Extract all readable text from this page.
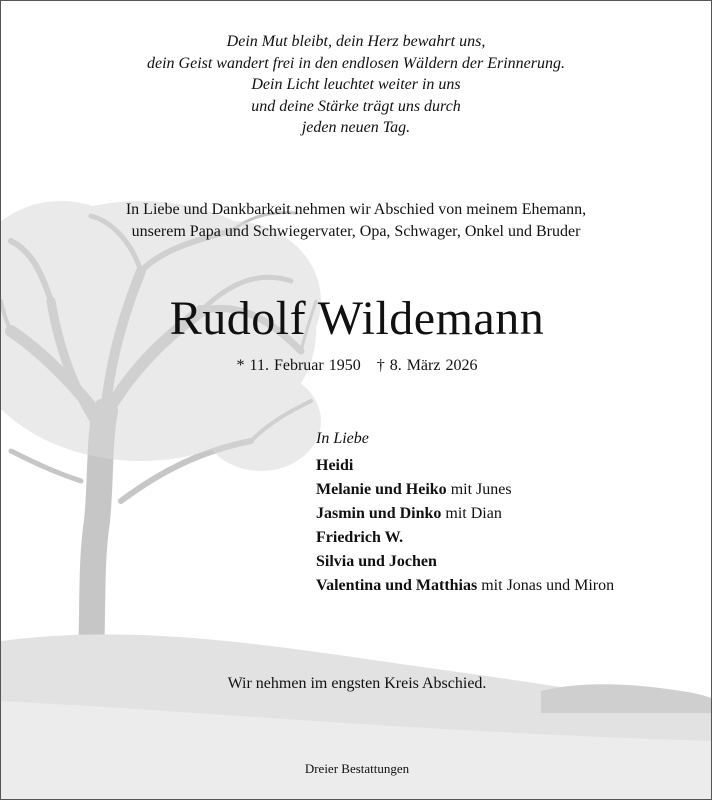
Dein Mut bleibt, dein Herz bewahrt uns,
dein Geist wandert frei in den endlosen Wäldern der Erinnerung.
Dein Licht leuchtet weiter in uns
und deine Stärke trägt uns durch
jeden neuen Tag.
In Liebe und Dankbarkeit nehmen wir Abschied von meinem Ehemann,
unserem Papa und Schwiegervater, Opa, Schwager, Onkel und Bruder
Rudolf Wildemann
* 11. Februar 1950 † 8. März 2026
In Liebe
Heidi
Melanie und Heiko mit Junes
Jasmin und Dinko mit Dian
Friedrich W.
Silvia und Jochen
Valentina und Matthias mit Jonas und Miron
Wir nehmen im engsten Kreis Abschied.
Dreier Bestattungen
